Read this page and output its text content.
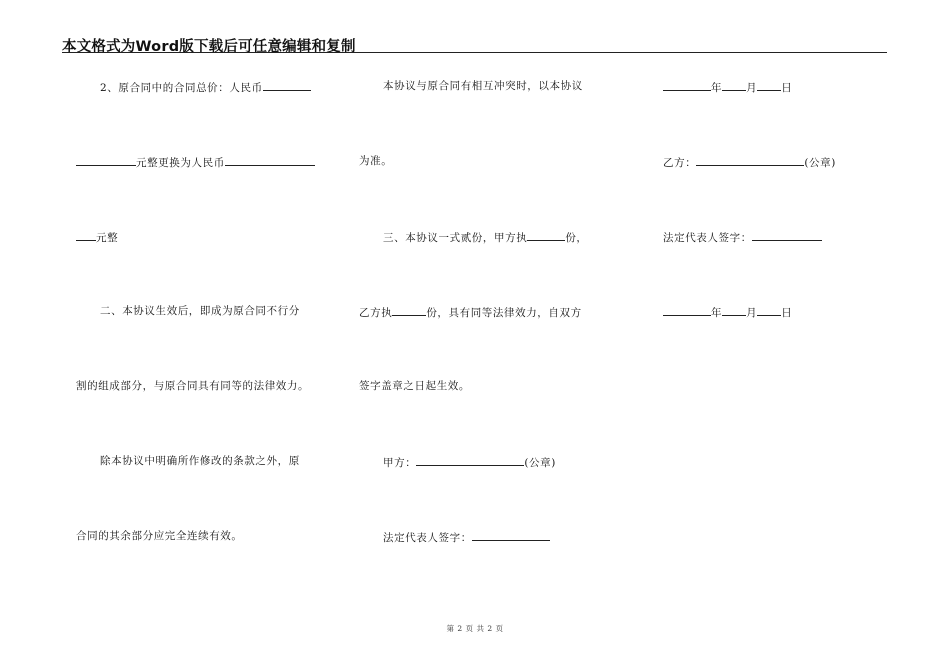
本文格式为Word版下载后可任意编辑和复制
2、原合同中的合同总价：人民币
元整更换为人民币
元整
二、本协议生效后，即成为原合同不行分
割的组成部分，与原合同具有同等的法律效力。
除本协议中明确所作修改的条款之外，原
合同的其余部分应完全连续有效。
本协议与原合同有相互冲突时，以本协议
为准。
三、本协议一式贰份，甲方执	份，
乙方执	份，具有同等法律效力，自双方
签字盖章之日起生效。
甲方：	(公章)
法定代表人签字：
年 月 日
乙方：	(公章)
法定代表人签字：
年 月 日
第 2 页 共 2 页
